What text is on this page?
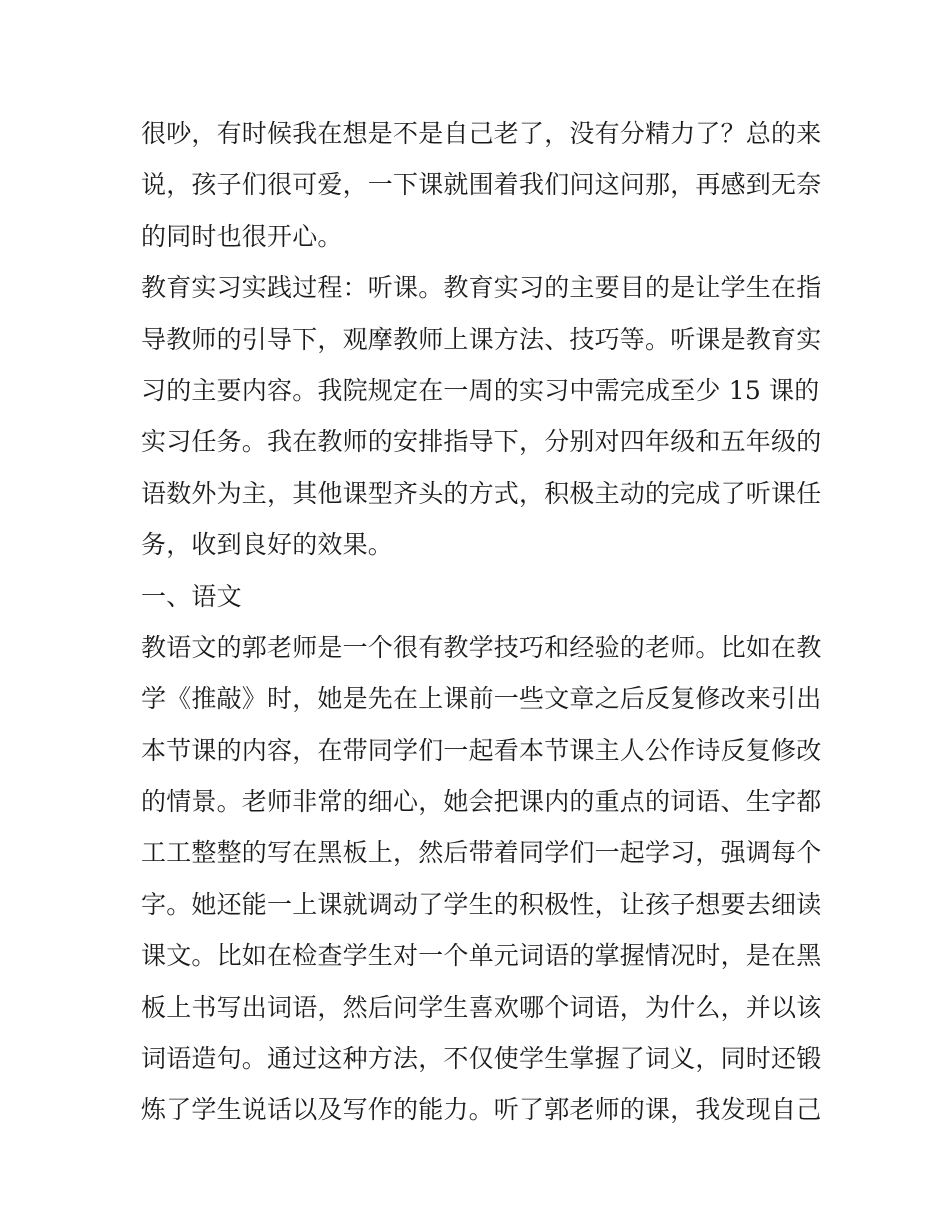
很吵，有时候我在想是不是自己老了，没有分精力了？总的来
说，孩子们很可爱，一下课就围着我们问这问那，再感到无奈
的同时也很开心。
教育实习实践过程：听课。教育实习的主要目的是让学生在指
导教师的引导下，观摩教师上课方法、技巧等。听课是教育实
习的主要内容。我院规定在一周的实习中需完成至少 15 课的
实习任务。我在教师的安排指导下，分别对四年级和五年级的
语数外为主，其他课型齐头的方式，积极主动的完成了听课任
务，收到良好的效果。
一、语文
教语文的郭老师是一个很有教学技巧和经验的老师。比如在教
学《推敲》时，她是先在上课前一些文章之后反复修改来引出
本节课的内容，在带同学们一起看本节课主人公作诗反复修改
的情景。老师非常的细心，她会把课内的重点的词语、生字都
工工整整的写在黑板上，然后带着同学们一起学习，强调每个
字。她还能一上课就调动了学生的积极性，让孩子想要去细读
课文。比如在检查学生对一个单元词语的掌握情况时，是在黑
板上书写出词语，然后问学生喜欢哪个词语，为什么，并以该
词语造句。通过这种方法，不仅使学生掌握了词义，同时还锻
炼了学生说话以及写作的能力。听了郭老师的课，我发现自己
